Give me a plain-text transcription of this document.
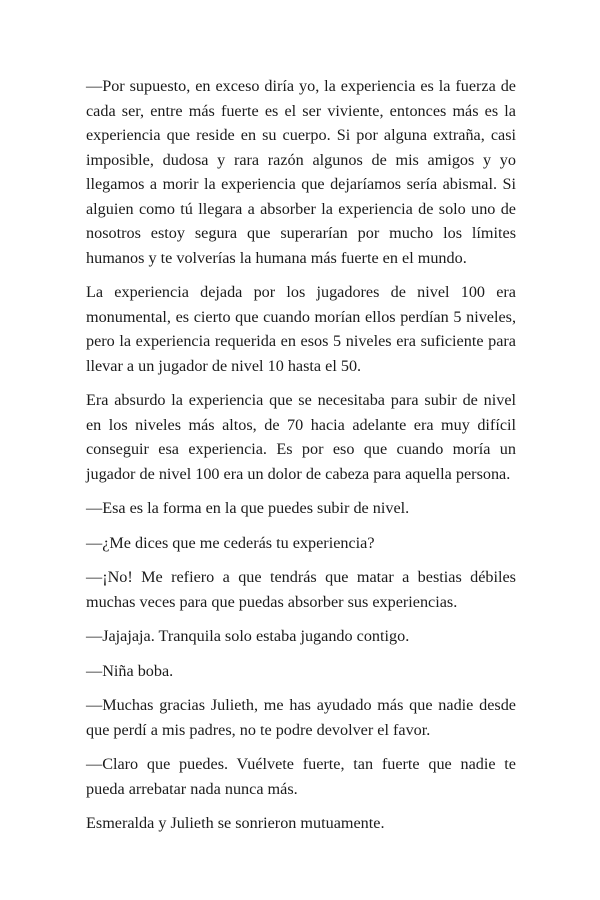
—Por supuesto, en exceso diría yo, la experiencia es la fuerza de cada ser, entre más fuerte es el ser viviente, entonces más es la experiencia que reside en su cuerpo. Si por alguna extraña, casi imposible, dudosa y rara razón algunos de mis amigos y yo llegamos a morir la experiencia que dejaríamos sería abismal. Si alguien como tú llegara a absorber la experiencia de solo uno de nosotros estoy segura que superarían por mucho los límites humanos y te volverías la humana más fuerte en el mundo.

La experiencia dejada por los jugadores de nivel 100 era monumental, es cierto que cuando morían ellos perdían 5 niveles, pero la experiencia requerida en esos 5 niveles era suficiente para llevar a un jugador de nivel 10 hasta el 50.

Era absurdo la experiencia que se necesitaba para subir de nivel en los niveles más altos, de 70 hacia adelante era muy difícil conseguir esa experiencia. Es por eso que cuando moría un jugador de nivel 100 era un dolor de cabeza para aquella persona.

—Esa es la forma en la que puedes subir de nivel.

—¿Me dices que me cederás tu experiencia?

—¡No! Me refiero a que tendrás que matar a bestias débiles muchas veces para que puedas absorber sus experiencias.

—Jajajaja. Tranquila solo estaba jugando contigo.

—Niña boba.

—Muchas gracias Julieth, me has ayudado más que nadie desde que perdí a mis padres, no te podre devolver el favor.

—Claro que puedes. Vuélvete fuerte, tan fuerte que nadie te pueda arrebatar nada nunca más.

Esmeralda y Julieth se sonrieron mutuamente.
